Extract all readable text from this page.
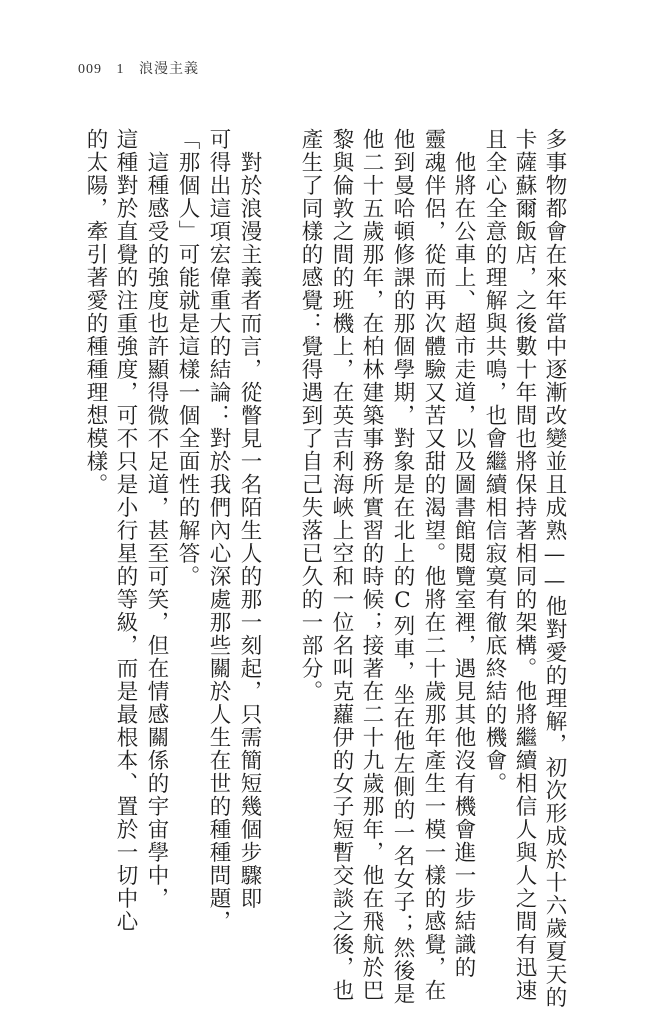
009 1 浪漫主義
多事物都會在來年當中逐漸改變並且成熟——他對愛的理解，初次形成於十六歲夏天的
卡薩蘇爾飯店，之後數十年間也將保持著相同的架構。他將繼續相信人與人之間有迅速
且全心全意的理解與共鳴，也會繼續相信寂寞有徹底終結的機會。
　他將在公車上、超市走道，以及圖書館閱覽室裡，遇見其他沒有機會進一步結識的
靈魂伴侶，從而再次體驗又苦又甜的渴望。他將在二十歲那年產生一模一樣的感覺，在
他到曼哈頓修課的那個學期，對象是在北上的C列車，坐在他左側的一名女子；然後是
他二十五歲那年，在柏林建築事務所實習的時候；接著在二十九歲那年，他在飛航於巴
黎與倫敦之間的班機上，在英吉利海峽上空和一位名叫克蘿伊的女子短暫交談之後，也
產生了同樣的感覺：覺得遇到了自己失落已久的一部分。
　對於浪漫主義者而言，從瞥見一名陌生人的那一刻起，只需簡短幾個步驟即
可得出這項宏偉重大的結論：對於我們內心深處那些關於人生在世的種種問題，
「那個人」可能就是這樣一個全面性的解答。
　這種感受的強度也許顯得微不足道，甚至可笑，但在情感關係的宇宙學中，
這種對於直覺的注重強度，可不只是小行星的等級，而是最根本、置於一切中心
的太陽，牽引著愛的種種理想模樣。
